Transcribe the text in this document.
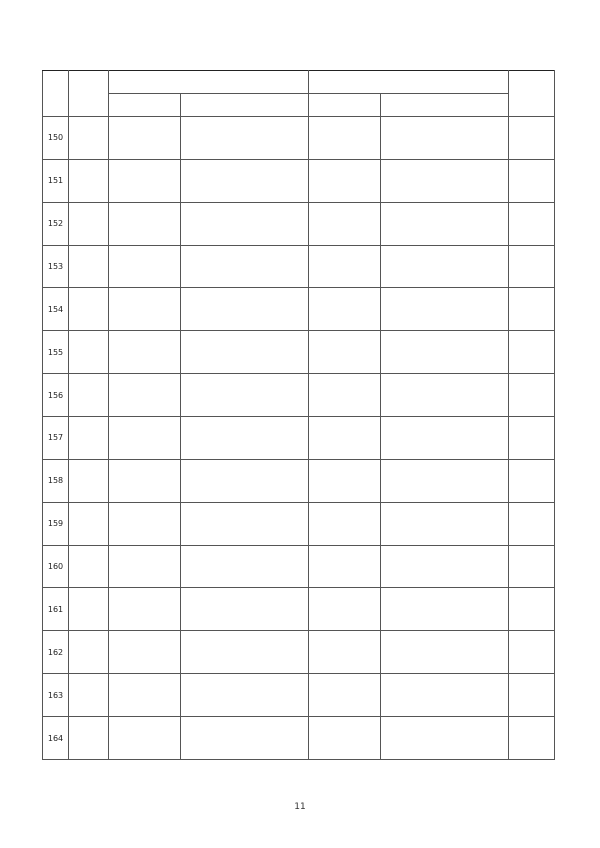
150						
151						
152						
153						
154						
155						
156						
157						
158						
159						
160						
161						
162						
163						
164						
11
